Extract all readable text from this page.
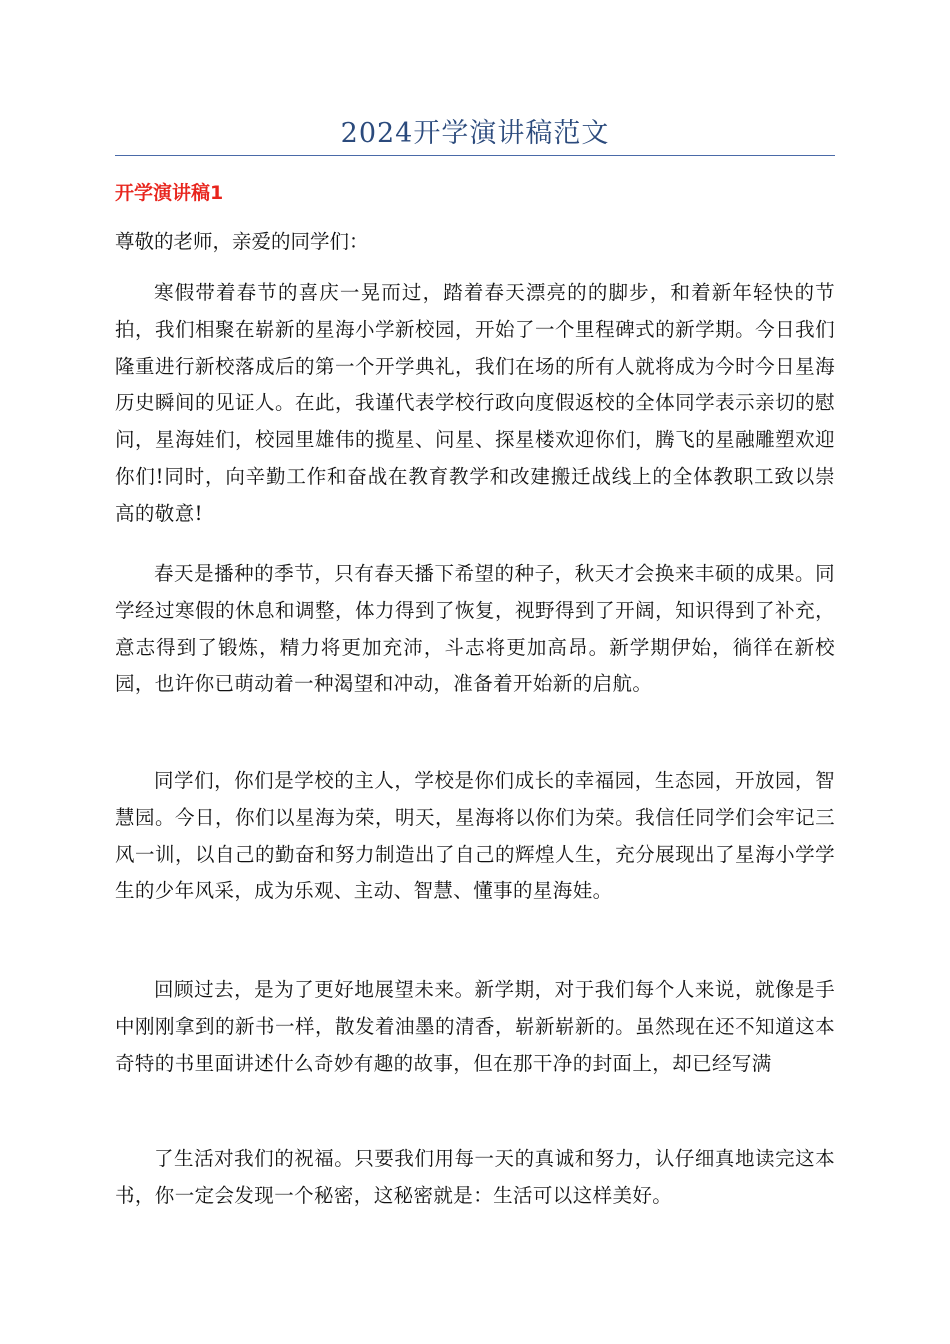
2024开学演讲稿范文
开学演讲稿1
尊敬的老师，亲爱的同学们：

寒假带着春节的喜庆一晃而过，踏着春天漂亮的的脚步，和着新年轻快的节拍，我们相聚在崭新的星海小学新校园，开始了一个里程碑式的新学期。今日我们隆重进行新校落成后的第一个开学典礼，我们在场的所有人就将成为今时今日星海历史瞬间的见证人。在此，我谨代表学校行政向度假返校的全体同学表示亲切的慰问，星海娃们，校园里雄伟的揽星、问星、探星楼欢迎你们，腾飞的星融雕塑欢迎你们!同时，向辛勤工作和奋战在教育教学和改建搬迁战线上的全体教职工致以崇高的敬意!

春天是播种的季节，只有春天播下希望的种子，秋天才会换来丰硕的成果。同学经过寒假的休息和调整，体力得到了恢复，视野得到了开阔，知识得到了补充，意志得到了锻炼，精力将更加充沛，斗志将更加高昂。新学期伊始，徜徉在新校园，也许你已萌动着一种渴望和冲动，准备着开始新的启航。

同学们，你们是学校的主人，学校是你们成长的幸福园，生态园，开放园，智慧园。今日，你们以星海为荣，明天，星海将以你们为荣。我信任同学们会牢记三风一训，以自己的勤奋和努力制造出了自己的辉煌人生，充分展现出了星海小学学生的少年风采，成为乐观、主动、智慧、懂事的星海娃。

回顾过去，是为了更好地展望未来。新学期，对于我们每个人来说，就像是手中刚刚拿到的新书一样，散发着油墨的清香，崭新崭新的。虽然现在还不知道这本奇特的书里面讲述什么奇妙有趣的故事，但在那干净的封面上，却已经写满

了生活对我们的祝福。只要我们用每一天的真诚和努力，认仔细真地读完这本书，你一定会发现一个秘密，这秘密就是：生活可以这样美好。
